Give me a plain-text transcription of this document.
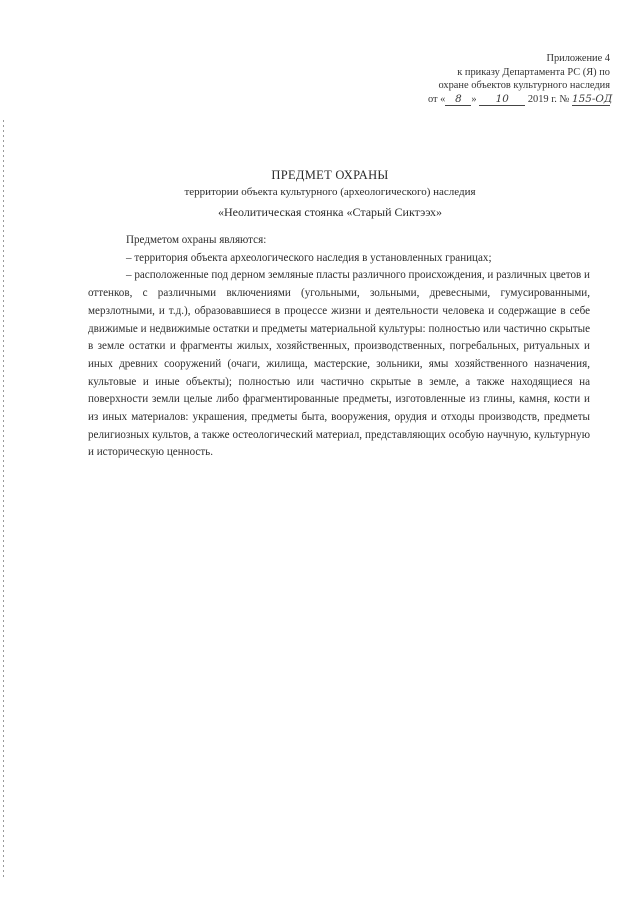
Приложение 4
к приказу Департамента РС (Я) по
охране объектов культурного наследия
от « 8 » 10 2019 г. № 155-ОД
ПРЕДМЕТ ОХРАНЫ
территории объекта культурного (археологического) наследия
«Неолитическая стоянка «Старый Сиктээх»

Предметом охраны являются:

– территория объекта археологического наследия в установленных границах;

– расположенные под дерном земляные пласты различного происхождения, и различных цветов и оттенков, с различными включениями (угольными, зольными, древесными, гумусированными, мерзлотными, и т.д.), образовавшиеся в процессе жизни и деятельности человека и содержащие в себе движимые и недвижимые остатки и предметы материальной культуры: полностью или частично скрытые в земле остатки и фрагменты жилых, хозяйственных, производственных, погребальных, ритуальных и иных древних сооружений (очаги, жилища, мастерские, зольники, ямы хозяйственного назначения, культовые и иные объекты); полностью или частично скрытые в земле, а также находящиеся на поверхности земли целые либо фрагментированные предметы, изготовленные из глины, камня, кости и из иных материалов: украшения, предметы быта, вооружения, орудия и отходы производств, предметы религиозных культов, а также остеологический материал, представляющих особую научную, культурную и историческую ценность.
